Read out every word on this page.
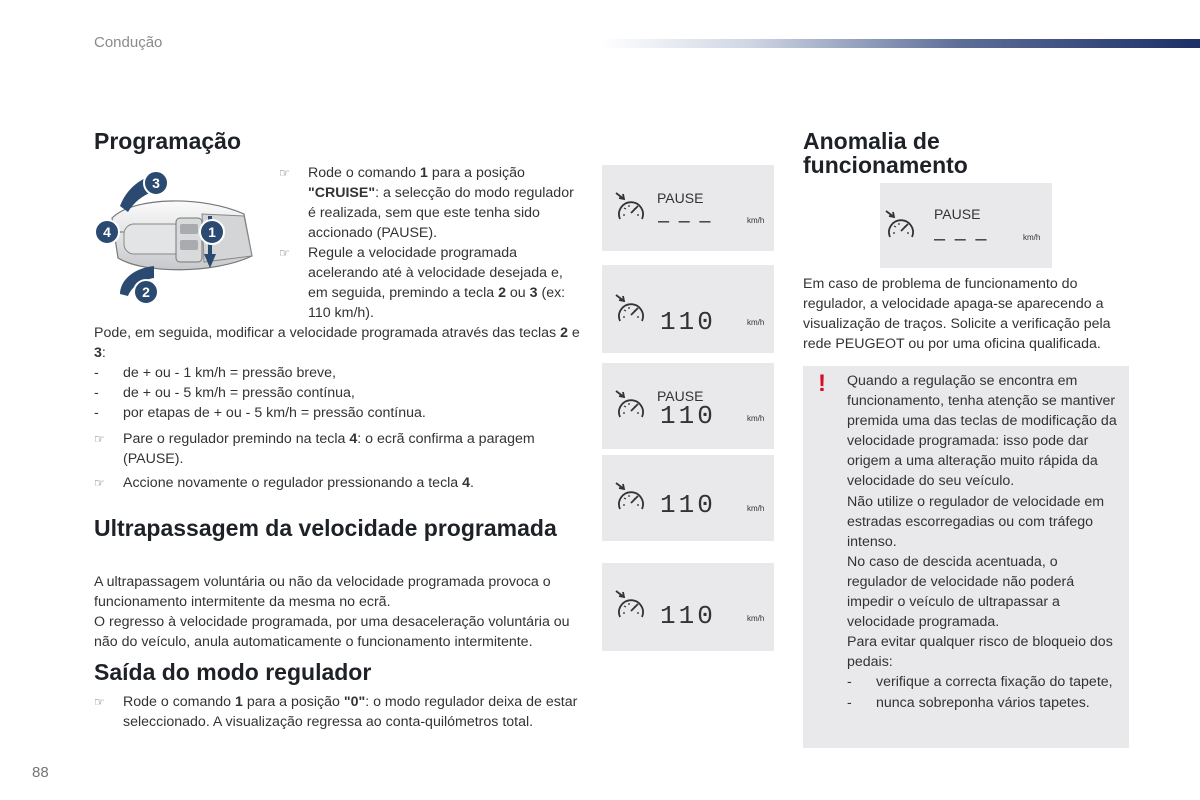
Condução
Programação
3
4	1
2

☞	Rode o comando 1 para a posição "CRUISE": a selecção do modo regulador é realizada, sem que este tenha sido accionado (PAUSE).

☞	Regule a velocidade programada acelerando até à velocidade desejada e, em seguida, premindo a tecla 2 ou 3 (ex: 110 km/h).

Pode, em seguida, modificar a velocidade programada através das teclas 2 e 3:

- de + ou - 1 km/h = pressão breve,

- de + ou - 5 km/h = pressão contínua,

- por etapas de + ou - 5 km/h = pressão contínua.

☞	Pare o regulador premindo na tecla 4: o ecrã confirma a paragem (PAUSE).

☞	Accione novamente o regulador pressionando a tecla 4.

Ultrapassagem da velocidade programada

A ultrapassagem voluntária ou não da velocidade programada provoca o funcionamento intermitente da mesma no ecrã.

O regresso à velocidade programada, por uma desaceleração voluntária ou não do veículo, anula automaticamente o funcionamento intermitente.

Saída do modo regulador

☞	Rode o comando 1 para a posição "0": o modo regulador deixa de estar seleccionado. A visualização regressa ao conta-quilómetros total.

PAUSE
– – –	km/h
110	km/h
PAUSE
110	km/h
110	km/h
110	km/h
Anomalia de
funcionamento
PAUSE
– – –	km/h
Em caso de problema de funcionamento do regulador, a velocidade apaga-se aparecendo a visualização de traços. Solicite a verificação pela rede PEUGEOT ou por uma oficina qualificada.
! Quando a regulação se encontra em funcionamento, tenha atenção se mantiver premida uma das teclas de modificação da velocidade programada: isso pode dar origem a uma alteração muito rápida da velocidade do seu veículo.

Não utilize o regulador de velocidade em estradas escorregadias ou com tráfego intenso.

No caso de descida acentuada, o regulador de velocidade não poderá impedir o veículo de ultrapassar a velocidade programada.

Para evitar qualquer risco de bloqueio dos pedais:

- verifique a correcta fixação do tapete,

- nunca sobreponha vários tapetes.

88
